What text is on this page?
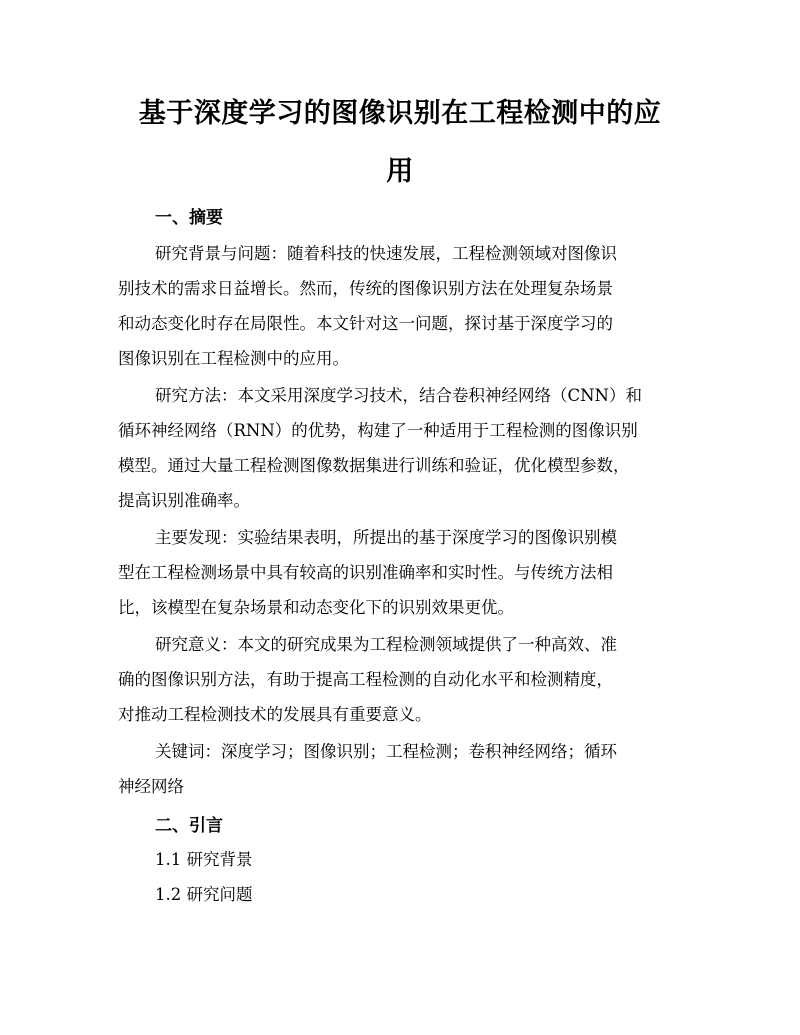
基于深度学习的图像识别在工程检测中的应
用
一、摘要

研究背景与问题：随着科技的快速发展，工程检测领域对图像识
别技术的需求日益增长。然而，传统的图像识别方法在处理复杂场景
和动态变化时存在局限性。本文针对这一问题，探讨基于深度学习的
图像识别在工程检测中的应用。

研究方法：本文采用深度学习技术，结合卷积神经网络（CNN）和
循环神经网络（RNN）的优势，构建了一种适用于工程检测的图像识别
模型。通过大量工程检测图像数据集进行训练和验证，优化模型参数，
提高识别准确率。

主要发现：实验结果表明，所提出的基于深度学习的图像识别模
型在工程检测场景中具有较高的识别准确率和实时性。与传统方法相
比，该模型在复杂场景和动态变化下的识别效果更优。

研究意义：本文的研究成果为工程检测领域提供了一种高效、准
确的图像识别方法，有助于提高工程检测的自动化水平和检测精度，
对推动工程检测技术的发展具有重要意义。

关键词：深度学习；图像识别；工程检测；卷积神经网络；循环
神经网络

二、引言

1.1 研究背景

1.2 研究问题
